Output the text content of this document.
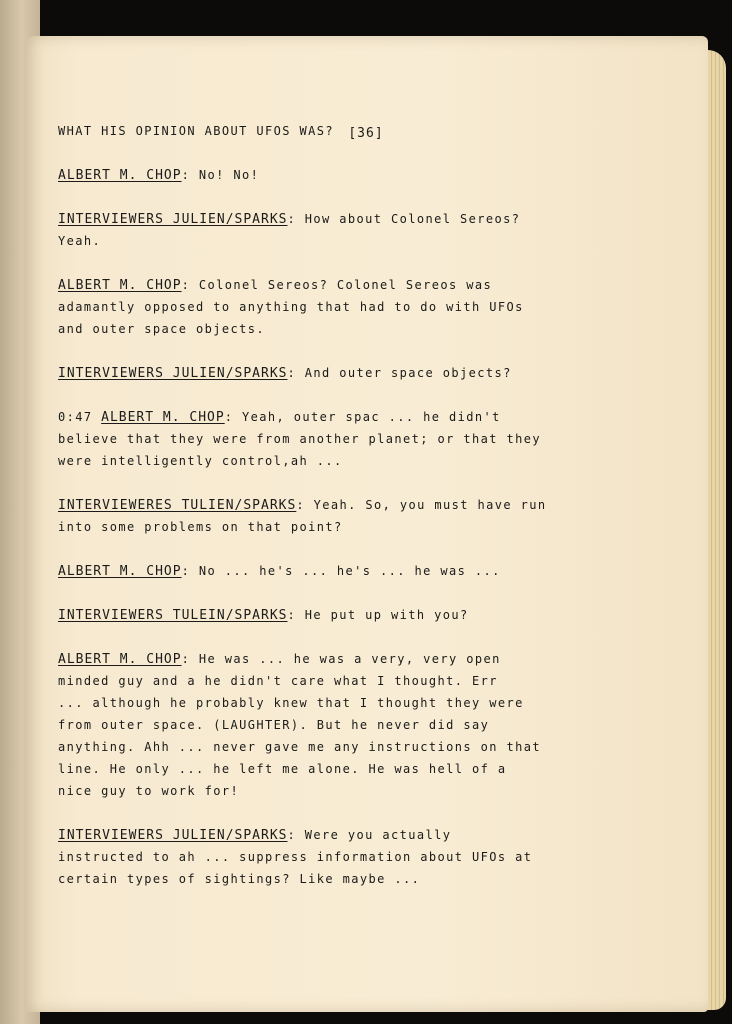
[36]
WHAT HIS OPINION ABOUT UFOS WAS?
ALBERT M. CHOP: No! No!
INTERVIEWERS JULIEN/SPARKS: How about Colonel Sereos?
Yeah.
ALBERT M. CHOP: Colonel Sereos? Colonel Sereos was
adamantly opposed to anything that had to do with UFOs
and outer space objects.
INTERVIEWERS JULIEN/SPARKS: And outer space objects?
0:47 ALBERT M. CHOP: Yeah, outer spac ... he didn't
believe that they were from another planet; or that they
were intelligently control,ah ...
INTERVIEWERES TULIEN/SPARKS: Yeah. So, you must have run
into some problems on that point?
ALBERT M. CHOP: No ... he's ... he's ... he was ...
INTERVIEWERS TULEIN/SPARKS: He put up with you?
ALBERT M. CHOP: He was ... he was a very, very open
minded guy and a he didn't care what I thought. Err
... although he probably knew that I thought they were
from outer space. (LAUGHTER). But he never did say
anything. Ahh ... never gave me any instructions on that
line. He only ... he left me alone. He was hell of a
nice guy to work for!
INTERVIEWERS JULIEN/SPARKS: Were you actually
instructed to ah ... suppress information about UFOs at
certain types of sightings? Like maybe ...
